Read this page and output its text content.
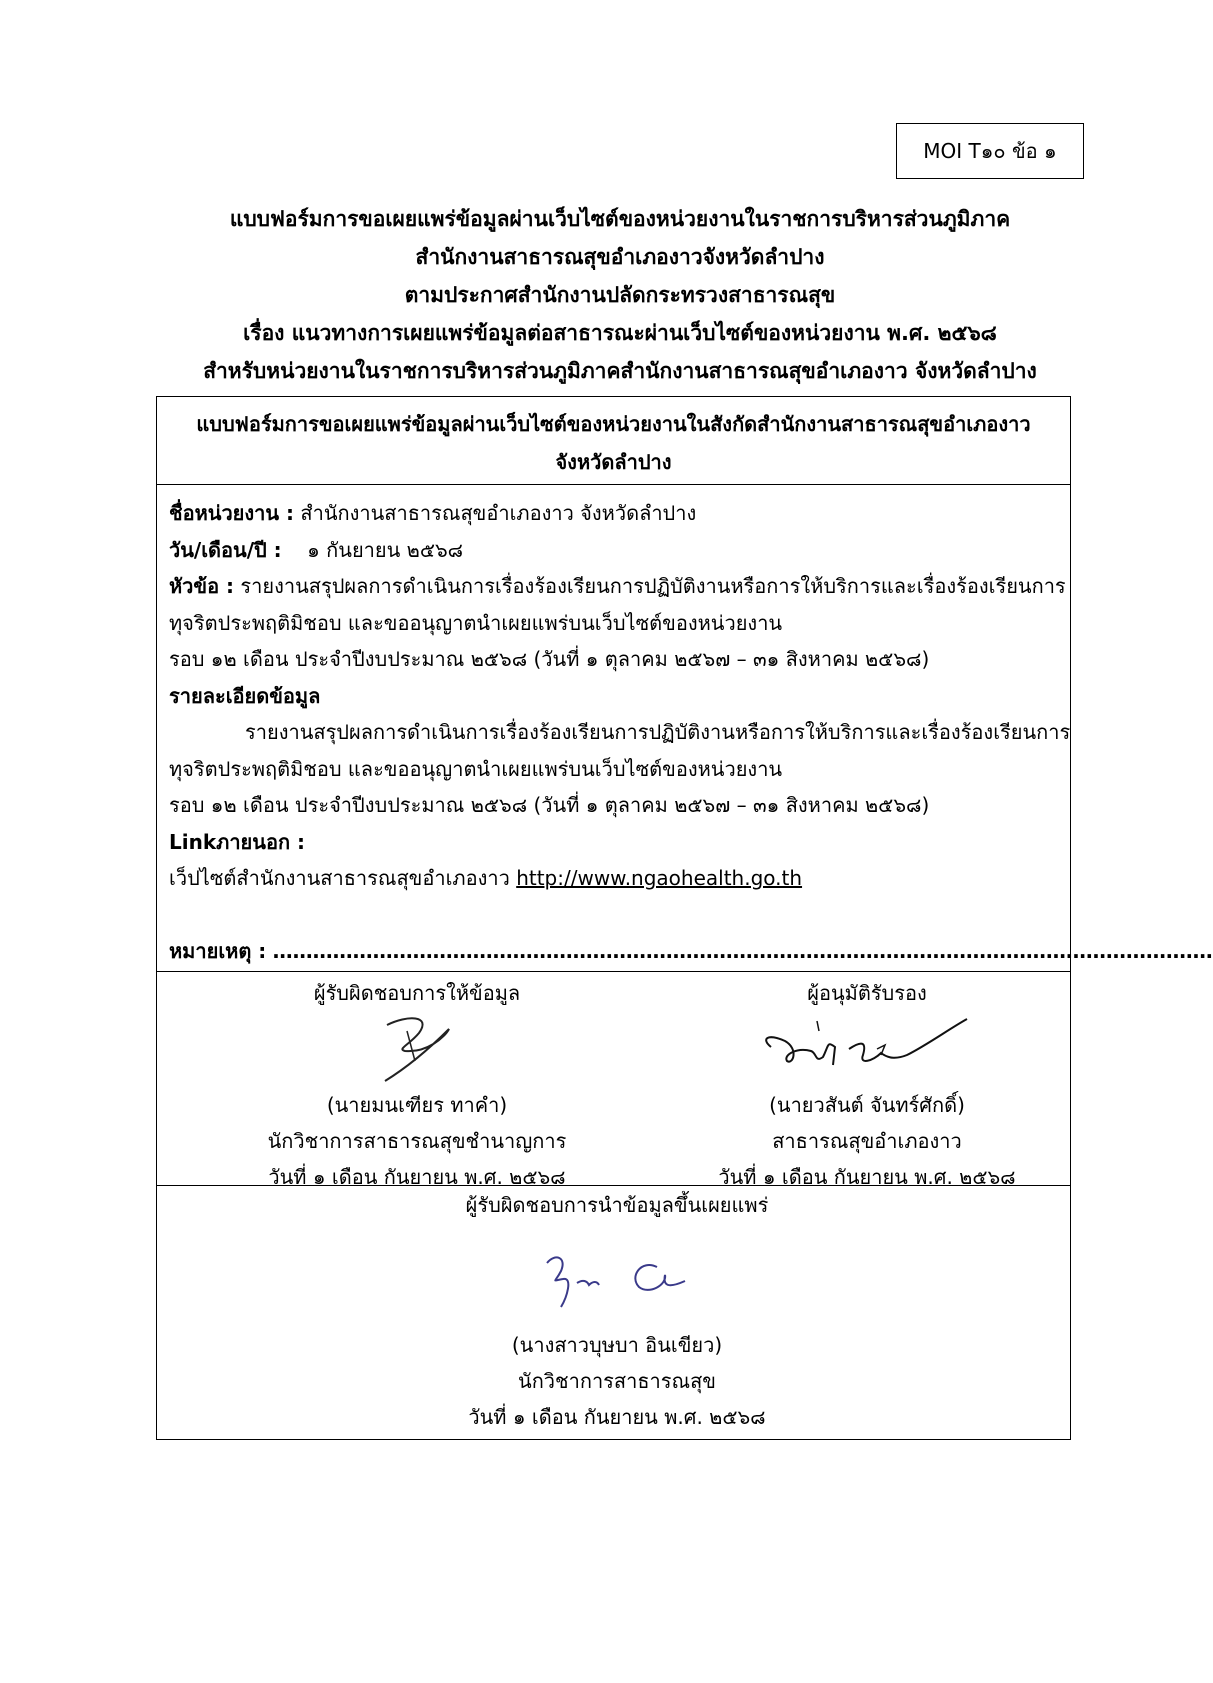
MOI T๑๐ ข้อ ๑
แบบฟอร์มการขอเผยแพร่ข้อมูลผ่านเว็บไซต์ของหน่วยงานในราชการบริหารส่วนภูมิภาค
สำนักงานสาธารณสุขอำเภองาวจังหวัดลำปาง
ตามประกาศสำนักงานปลัดกระทรวงสาธารณสุข
เรื่อง แนวทางการเผยแพร่ข้อมูลต่อสาธารณะผ่านเว็บไซต์ของหน่วยงาน พ.ศ. ๒๕๖๘
สำหรับหน่วยงานในราชการบริหารส่วนภูมิภาคสำนักงานสาธารณสุขอำเภองาว จังหวัดลำปาง
แบบฟอร์มการขอเผยแพร่ข้อมูลผ่านเว็บไซต์ของหน่วยงานในสังกัดสำนักงานสาธารณสุขอำเภองาว
จังหวัดลำปาง
ชื่อหน่วยงาน : สำนักงานสาธารณสุขอำเภองาว จังหวัดลำปาง
วัน/เดือน/ปี : ๑ กันยายน ๒๕๖๘
หัวข้อ : รายงานสรุปผลการดำเนินการเรื่องร้องเรียนการปฏิบัติงานหรือการให้บริการและเรื่องร้องเรียนการ
ทุจริตประพฤติมิชอบ และขออนุญาตนำเผยแพร่บนเว็บไซต์ของหน่วยงาน
รอบ ๑๒ เดือน ประจำปีงบประมาณ ๒๕๖๘ (วันที่ ๑ ตุลาคม ๒๕๖๗ – ๓๑ สิงหาคม ๒๕๖๘)
รายละเอียดข้อมูล
รายงานสรุปผลการดำเนินการเรื่องร้องเรียนการปฏิบัติงานหรือการให้บริการและเรื่องร้องเรียนการ
ทุจริตประพฤติมิชอบ และขออนุญาตนำเผยแพร่บนเว็บไซต์ของหน่วยงาน
รอบ ๑๒ เดือน ประจำปีงบประมาณ ๒๕๖๘ (วันที่ ๑ ตุลาคม ๒๕๖๗ – ๓๑ สิงหาคม ๒๕๖๘)
Linkภายนอก :
เว็ปไซต์สำนักงานสาธารณสุขอำเภองาว http://www.ngaohealth.go.th
หมายเหตุ : ……………………………………………………………………………………………………………………………
ผู้รับผิดชอบการให้ข้อมูล
(นายมนเฑียร ทาคำ)
นักวิชาการสาธารณสุขชำนาญการ
วันที่ ๑ เดือน กันยายน พ.ศ. ๒๕๖๘
ผู้อนุมัติรับรอง
(นายวสันต์ จันทร์ศักดิ์)
สาธารณสุขอำเภองาว
วันที่ ๑ เดือน กันยายน พ.ศ. ๒๕๖๘
ผู้รับผิดชอบการนำข้อมูลขึ้นเผยแพร่
(นางสาวบุษบา อินเขียว)
นักวิชาการสาธารณสุข
วันที่ ๑ เดือน กันยายน พ.ศ. ๒๕๖๘
